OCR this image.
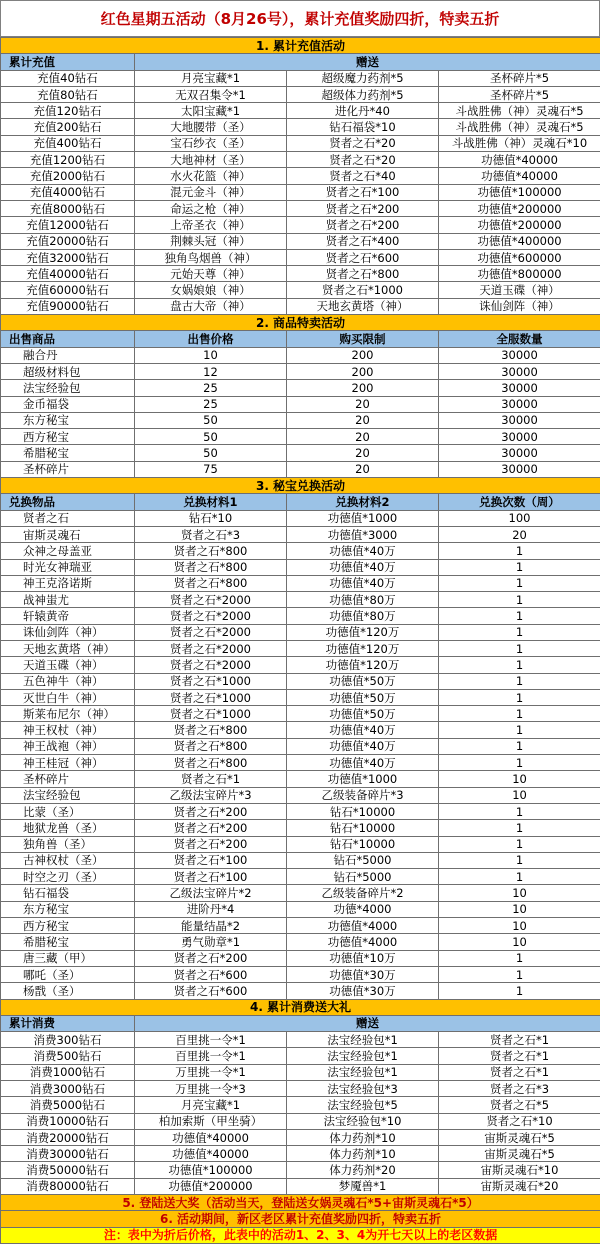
红色星期五活动（8月26号），累计充值奖励四折，特卖五折
1. 累计充值活动			
累计充值	赠送		
充值40钻石	月亮宝藏*1	超级魔力药剂*5	圣杯碎片*5
充值80钻石	无双召集令*1	超级体力药剂*5	圣杯碎片*5
充值120钻石	太阳宝藏*1	进化丹*40	斗战胜佛（神）灵魂石*5
充值200钻石	大地腰带（圣）	钻石福袋*10	斗战胜佛（神）灵魂石*5
充值400钻石	宝石纱衣（圣）	贤者之石*20	斗战胜佛（神）灵魂石*10
充值1200钻石	大地神材（圣）	贤者之石*20	功德值*40000
充值2000钻石	水火花篮（神）	贤者之石*40	功德值*40000
充值4000钻石	混元金斗（神）	贤者之石*100	功德值*100000
充值8000钻石	命运之枪（神）	贤者之石*200	功德值*200000
充值12000钻石	上帝圣衣（神）	贤者之石*200	功德值*200000
充值20000钻石	荆棘头冠（神）	贤者之石*400	功德值*400000
充值32000钻石	独角鸟烟兽（神）	贤者之石*600	功德值*600000
充值40000钻石	元始天尊（神）	贤者之石*800	功德值*800000
充值60000钻石	女娲娘娘（神）	贤者之石*1000	天道玉碟（神）
充值90000钻石	盘古大帝（神）	天地玄黄塔（神）	诛仙剑阵（神）
2. 商品特卖活动			
出售商品	出售价格	购买限制	全服数量
融合丹	10	200	30000
超级材料包	12	200	30000
法宝经验包	25	200	30000
金币福袋	25	20	30000
东方秘宝	50	20	30000
西方秘宝	50	20	30000
希腊秘宝	50	20	30000
圣杯碎片	75	20	30000
3. 秘宝兑换活动			
兑换物品	兑换材料1	兑换材料2	兑换次数（周）
贤者之石	钻石*10	功德值*1000	100
宙斯灵魂石	贤者之石*3	功德值*3000	20
众神之母盖亚	贤者之石*800	功德值*40万	1
时光女神瑞亚	贤者之石*800	功德值*40万	1
神王克洛诺斯	贤者之石*800	功德值*40万	1
战神蚩尤	贤者之石*2000	功德值*80万	1
轩辕黄帝	贤者之石*2000	功德值*80万	1
诛仙剑阵（神）	贤者之石*2000	功德值*120万	1
天地玄黄塔（神）	贤者之石*2000	功德值*120万	1
天道玉碟（神）	贤者之石*2000	功德值*120万	1
五色神牛（神）	贤者之石*1000	功德值*50万	1
灭世白牛（神）	贤者之石*1000	功德值*50万	1
斯莱布尼尔（神）	贤者之石*1000	功德值*50万	1
神王权杖（神）	贤者之石*800	功德值*40万	1
神王战袍（神）	贤者之石*800	功德值*40万	1
神王桂冠（神）	贤者之石*800	功德值*40万	1
圣杯碎片	贤者之石*1	功德值*1000	10
法宝经验包	乙级法宝碎片*3	乙级装备碎片*3	10
比蒙（圣）	贤者之石*200	钻石*10000	1
地狱龙兽（圣）	贤者之石*200	钻石*10000	1
独角兽（圣）	贤者之石*200	钻石*10000	1
古神权杖（圣）	贤者之石*100	钻石*5000	1
时空之刃（圣）	贤者之石*100	钻石*5000	1
钻石福袋	乙级法宝碎片*2	乙级装备碎片*2	10
东方秘宝	进阶丹*4	功德*4000	10
西方秘宝	能量结晶*2	功德值*4000	10
希腊秘宝	勇气勋章*1	功德值*4000	10
唐三藏（甲）	贤者之石*200	功德值*10万	1
哪吒（圣）	贤者之石*600	功德值*30万	1
杨戬（圣）	贤者之石*600	功德值*30万	1
4. 累计消费送大礼			
累计消费	赠送		
消费300钻石	百里挑一令*1	法宝经验包*1	贤者之石*1
消费500钻石	百里挑一令*1	法宝经验包*1	贤者之石*1
消费1000钻石	万里挑一令*1	法宝经验包*1	贤者之石*1
消费3000钻石	万里挑一令*3	法宝经验包*3	贤者之石*3
消费5000钻石	月亮宝藏*1	法宝经验包*5	贤者之石*5
消费10000钻石	柏加索斯（甲坐骑）	法宝经验包*10	贤者之石*10
消费20000钻石	功德值*40000	体力药剂*10	宙斯灵魂石*5
消费30000钻石	功德值*40000	体力药剂*10	宙斯灵魂石*5
消费50000钻石	功德值*100000	体力药剂*20	宙斯灵魂石*10
消费80000钻石	功德值*200000	梦魇兽*1	宙斯灵魂石*20
5. 登陆送大奖（活动当天，登陆送女娲灵魂石*5+宙斯灵魂石*5）			
6. 活动期间，新区老区累计充值奖励四折，特卖五折			
注：表中为折后价格，此表中的活动1、2、3、4为开七天以上的老区数据			
